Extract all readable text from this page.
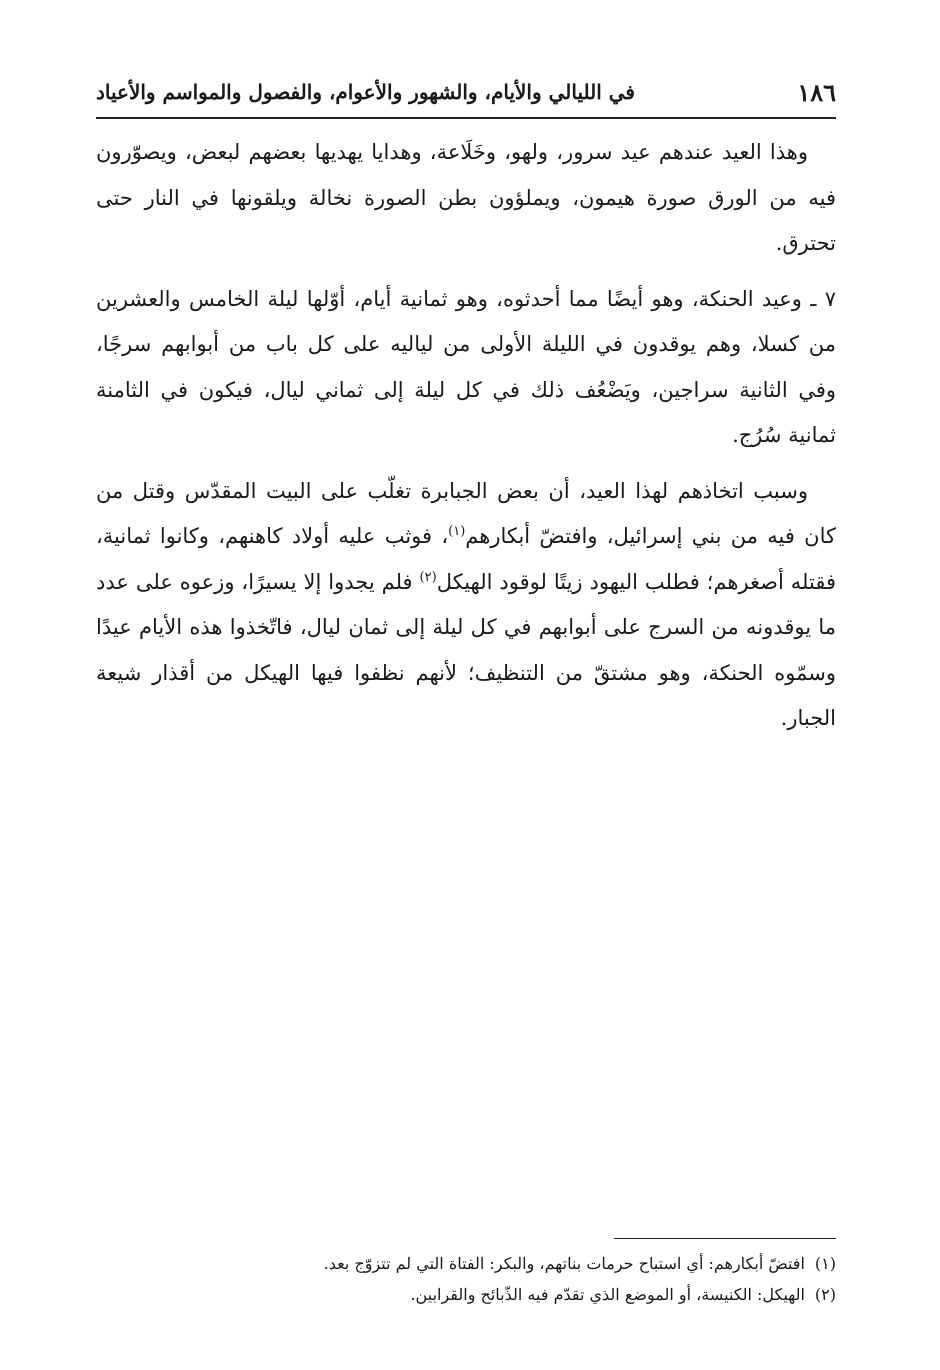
١٨٦
في الليالي والأيام، والشهور والأعوام، والفصول والمواسم والأعياد

وهذا العيد عندهم عيد سرور، ولهو، وخَلَاعة، وهدايا يهديها بعضهم لبعض، ويصوّرون فيه من الورق صورة هيمون، ويملؤون بطن الصورة نخالة ويلقونها في النار حتى تحترق.

٧ ـ وعيد الحنكة، وهو أيضًا مما أحدثوه، وهو ثمانية أيام، أوّلها ليلة الخامس والعشرين من كسلا، وهم يوقدون في الليلة الأولى من لياليه على كل باب من أبوابهم سرجًا، وفي الثانية سراجين، ويَضْعُف ذلك في كل ليلة إلى ثماني ليال، فيكون في الثامنة ثمانية سُرُج.

وسبب اتخاذهم لهذا العيد، أن بعض الجبابرة تغلّب على البيت المقدّس وقتل من كان فيه من بني إسرائيل، وافتضّ أبكارهم$^{(١)}$، فوثب عليه أولاد كاهنهم، وكانوا ثمانية، فقتله أصغرهم؛ فطلب اليهود زيتًا لوقود الهيكل$^{(٢)}$ فلم يجدوا إلا يسيرًا، وزعوه على عدد ما يوقدونه من السرج على أبوابهم في كل ليلة إلى ثمان ليال، فاتّخذوا هذه الأيام عيدًا وسمّوه الحنكة، وهو مشتقّ من التنظيف؛ لأنهم نظفوا فيها الهيكل من أقذار شيعة الجبار.

(١)افتضّ أبكارهم: أي استباح حرمات بناتهم، والبكر: الفتاة التي لم تتزوّج بعد.

(٢)الهيكل: الكنيسة، أو الموضع الذي تقدّم فيه الذّبائح والقرابين.
